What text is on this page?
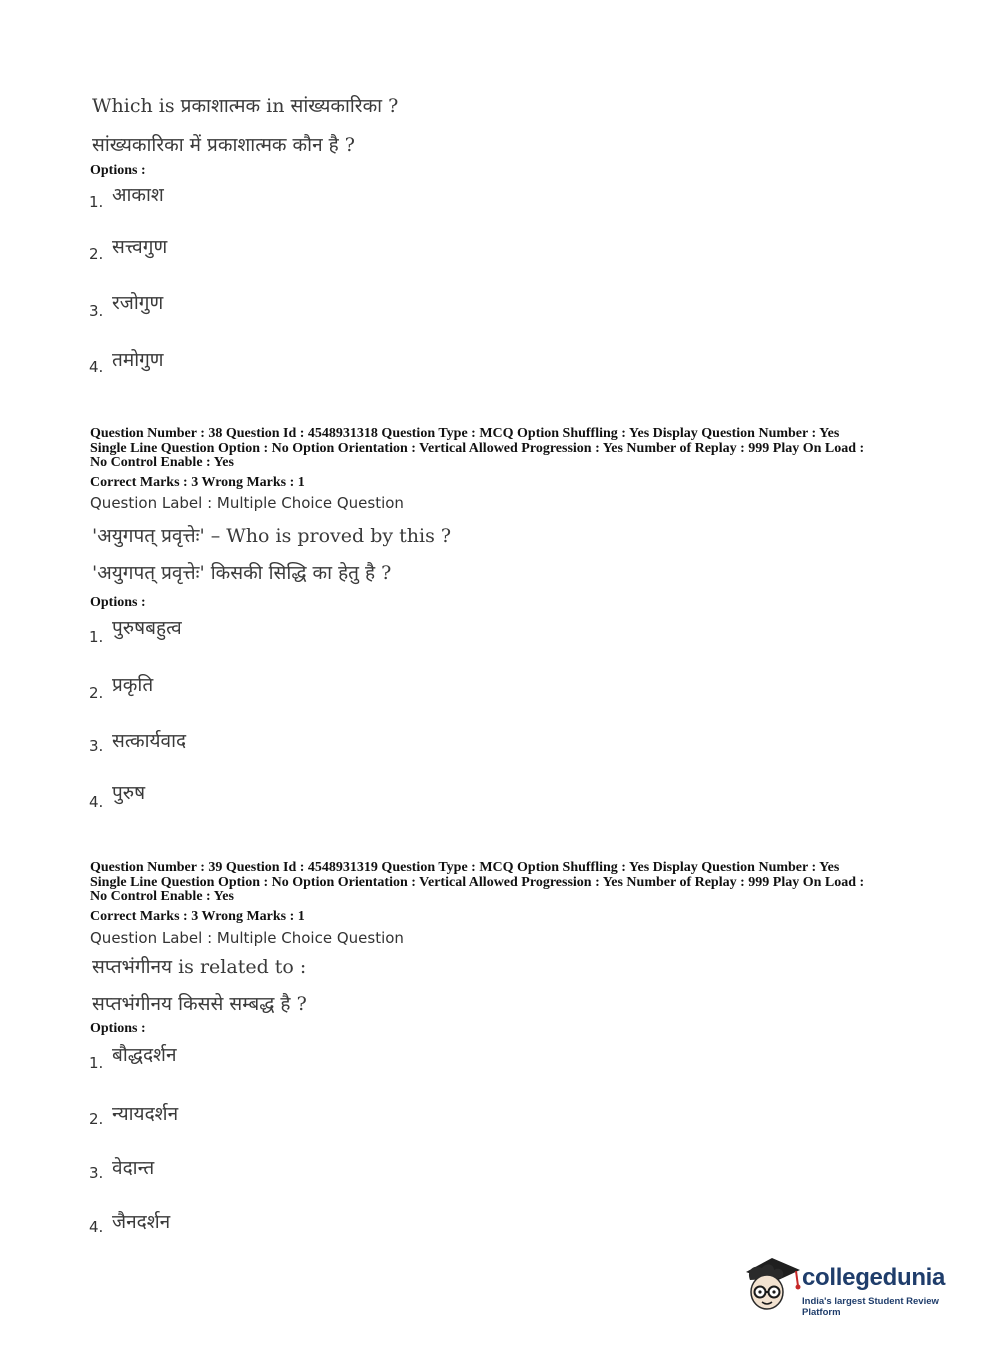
Which is प्रकाशात्मक in सांख्यकारिका ?
सांख्यकारिका में प्रकाशात्मक कौन है ?
Options :
1. आकाश
2. सत्त्वगुण
3. रजोगुण
4. तमोगुण
Question Number : 38 Question Id : 4548931318 Question Type : MCQ Option Shuffling : Yes Display Question Number : Yes
Single Line Question Option : No Option Orientation : Vertical Allowed Progression : Yes Number of Replay : 999 Play On Load :
No Control Enable : Yes
Correct Marks : 3 Wrong Marks : 1
Question Label : Multiple Choice Question
'अयुगपत् प्रवृत्तेः' – Who is proved by this ?
'अयुगपत् प्रवृत्तेः' किसकी सिद्धि का हेतु है ?
Options :
1. पुरुषबहुत्व
2. प्रकृति
3. सत्कार्यवाद
4. पुरुष
Question Number : 39 Question Id : 4548931319 Question Type : MCQ Option Shuffling : Yes Display Question Number : Yes
Single Line Question Option : No Option Orientation : Vertical Allowed Progression : Yes Number of Replay : 999 Play On Load :
No Control Enable : Yes
Correct Marks : 3 Wrong Marks : 1
Question Label : Multiple Choice Question
सप्तभंगीनय is related to :
सप्तभंगीनय किससे सम्बद्ध है ?
Options :
1. बौद्धदर्शन
2. न्यायदर्शन
3. वेदान्त
4. जैनदर्शन
collegedunia
India's largest Student Review Platform
